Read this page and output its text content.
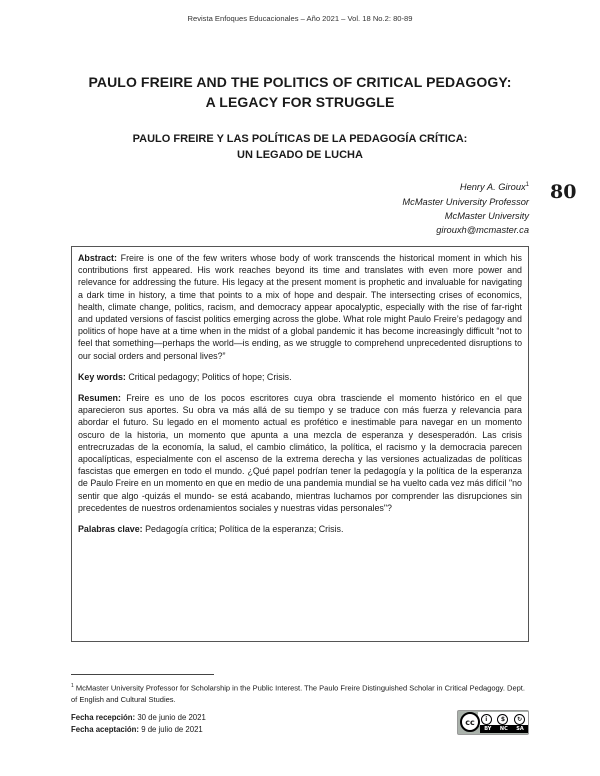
Revista Enfoques Educacionales – Año 2021 – Vol. 18 No.2: 80-89
PAULO FREIRE AND THE POLITICS OF CRITICAL PEDAGOGY:
A LEGACY FOR STRUGGLE
PAULO FREIRE Y LAS POLÍTICAS DE LA PEDAGOGÍA CRÍTICA:
UN LEGADO DE LUCHA
Henry A. Giroux$^1$
McMaster University Professor
McMaster University
girouxh@mcmaster.ca
80

Abstract: Freire is one of the few writers whose body of work transcends the historical moment in which his contributions first appeared. His work reaches beyond its time and translates with even more power and relevance for addressing the future. His legacy at the present moment is prophetic and invaluable for navigating a dark time in history, a time that points to a mix of hope and despair. The intersecting crises of economics, health, climate change, politics, racism, and democracy appear apocalyptic, especially with the rise of far-right and updated versions of fascist politics emerging across the globe. What role might Paulo Freire’s pedagogy and politics of hope have at a time when in the midst of a global pandemic it has become increasingly difficult “not to feel that something—perhaps the world—is ending, as we struggle to comprehend unprecedented disruptions to our social orders and personal lives?”

Key words: Critical pedagogy; Politics of hope; Crisis.

Resumen: Freire es uno de los pocos escritores cuya obra trasciende el momento histórico en el que aparecieron sus aportes. Su obra va más allá de su tiempo y se traduce con más fuerza y relevancia para abordar el futuro. Su legado en el momento actual es profético e inestimable para navegar en un momento oscuro de la historia, un momento que apunta a una mezcla de esperanza y desesperadón. Las crisis entrecruzadas de la economía, la salud, el cambio climático, la política, el racismo y la democracia parecen apocalípticas, especialmente con el ascenso de la extrema derecha y las versiones actualizadas de políticas fascistas que emergen en todo el mundo. ¿Qué papel podrían tener la pedagogía y la política de la esperanza de Paulo Freire en un momento en que en medio de una pandemia mundial se ha vuelto cada vez más difícil "no sentir que algo -quizás el mundo- se está acabando, mientras luchamos por comprender las disrupciones sin precedentes de nuestros ordenamientos sociales y nuestras vidas personales"?

Palabras clave: Pedagogía crítica; Política de la esperanza; Crisis.

$^1$ McMaster University Professor for Scholarship in the Public Interest. The Paulo Freire Distinguished Scholar in Critical Pedagogy. Dept. of English and Cultural Studies.
Fecha recepción: 30 de junio de 2021
Fecha aceptación: 9 de julio de 2021
i	$	↻
cc
BY NC SA
